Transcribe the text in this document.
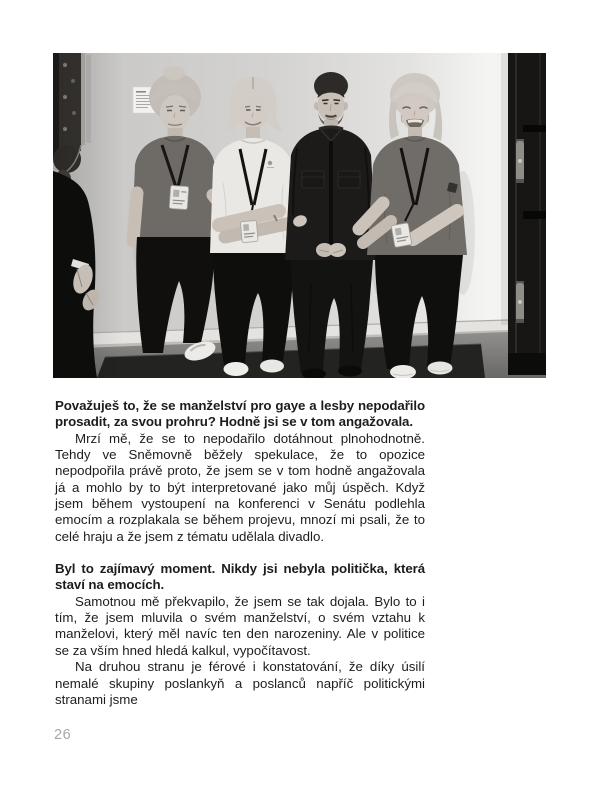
Považuješ to, že se manželství pro gaye a lesby nepodařilo prosadit, za svou prohru? Hodně jsi se v tom angažovala.

Mrzí mě, že se to nepodařilo dotáhnout plnohodnotně. Tehdy ve Sněmovně běžely spekulace, že to opozice nepodpořila právě proto, že jsem se v tom hodně angažovala já a mohlo by to být interpretované jako můj úspěch. Když jsem během vystoupení na konferenci v Senátu podlehla emocím a rozplakala se během projevu, mnozí mi psali, že to celé hraju a že jsem z tématu udělala divadlo.

Byl to zajímavý moment. Nikdy jsi nebyla politička, která staví na emocích.

Samotnou mě překvapilo, že jsem se tak dojala. Bylo to i tím, že jsem mluvila o svém manželství, o svém vztahu k manželovi, který měl navíc ten den narozeniny. Ale v politice se za vším hned hledá kalkul, vypočítavost.

Na druhou stranu je férové i konstatování, že díky úsilí nemalé skupiny poslankyň a poslanců napříč politickými stranami jsme

26
